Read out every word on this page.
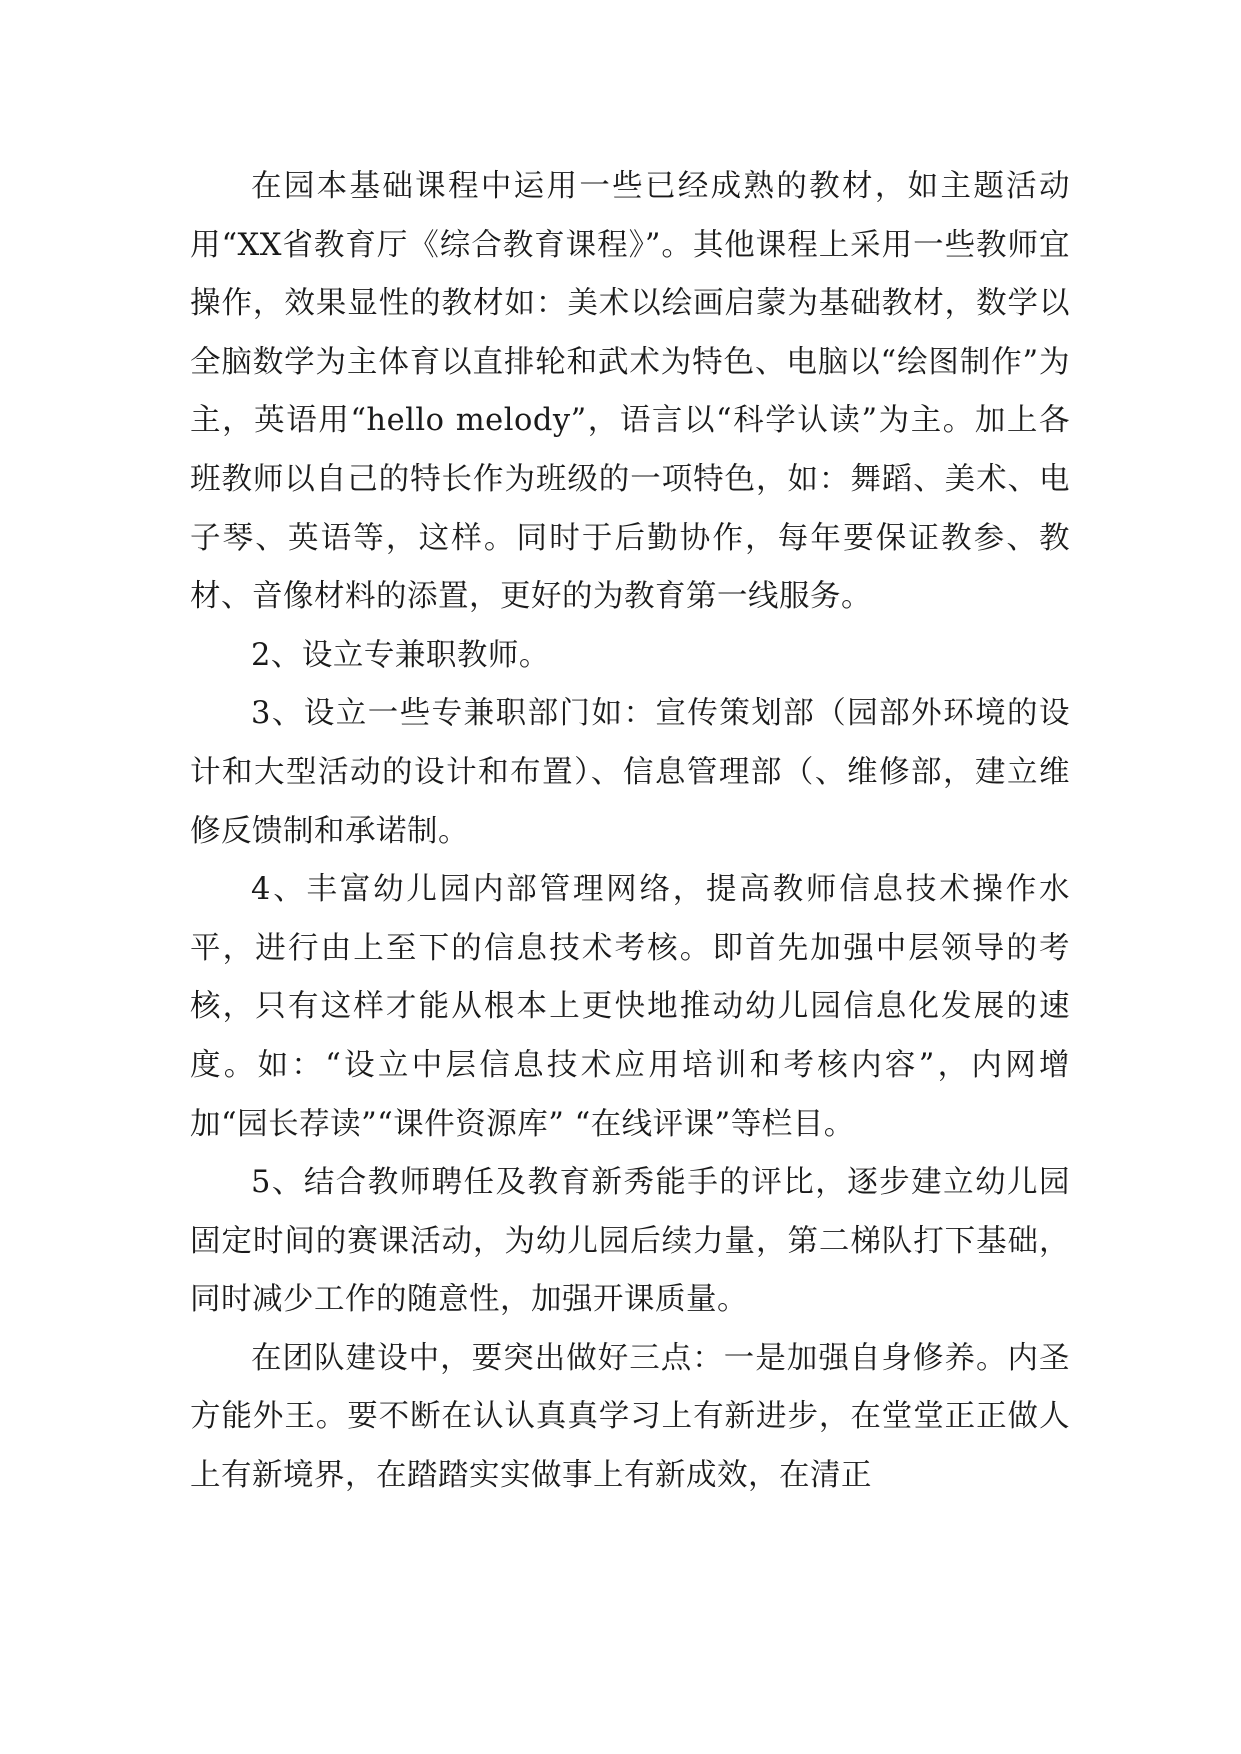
在园本基础课程中运用一些已经成熟的教材，如主题活动用“XX省教育厅《综合教育课程》”。其他课程上采用一些教师宜操作，效果显性的教材如：美术以绘画启蒙为基础教材，数学以全脑数学为主体育以直排轮和武术为特色、电脑以“绘图制作”为主，英语用“hello melody”，语言以“科学认读”为主。加上各班教师以自己的特长作为班级的一项特色，如：舞蹈、美术、电子琴、英语等，这样。同时于后勤协作，每年要保证教参、教材、音像材料的添置，更好的为教育第一线服务。

2、设立专兼职教师。

3、设立一些专兼职部门如：宣传策划部（园部外环境的设计和大型活动的设计和布置）、信息管理部（、维修部，建立维修反馈制和承诺制。

4、丰富幼儿园内部管理网络，提高教师信息技术操作水平，进行由上至下的信息技术考核。即首先加强中层领导的考核，只有这样才能从根本上更快地推动幼儿园信息化发展的速度。如：“设立中层信息技术应用培训和考核内容”，内网增加“园长荐读”“课件资源库” “在线评课”等栏目。

5、结合教师聘任及教育新秀能手的评比，逐步建立幼儿园固定时间的赛课活动，为幼儿园后续力量，第二梯队打下基础，同时减少工作的随意性，加强开课质量。

在团队建设中，要突出做好三点：一是加强自身修养。内圣方能外王。要不断在认认真真学习上有新进步，在堂堂正正做人上有新境界，在踏踏实实做事上有新成效，在清正
